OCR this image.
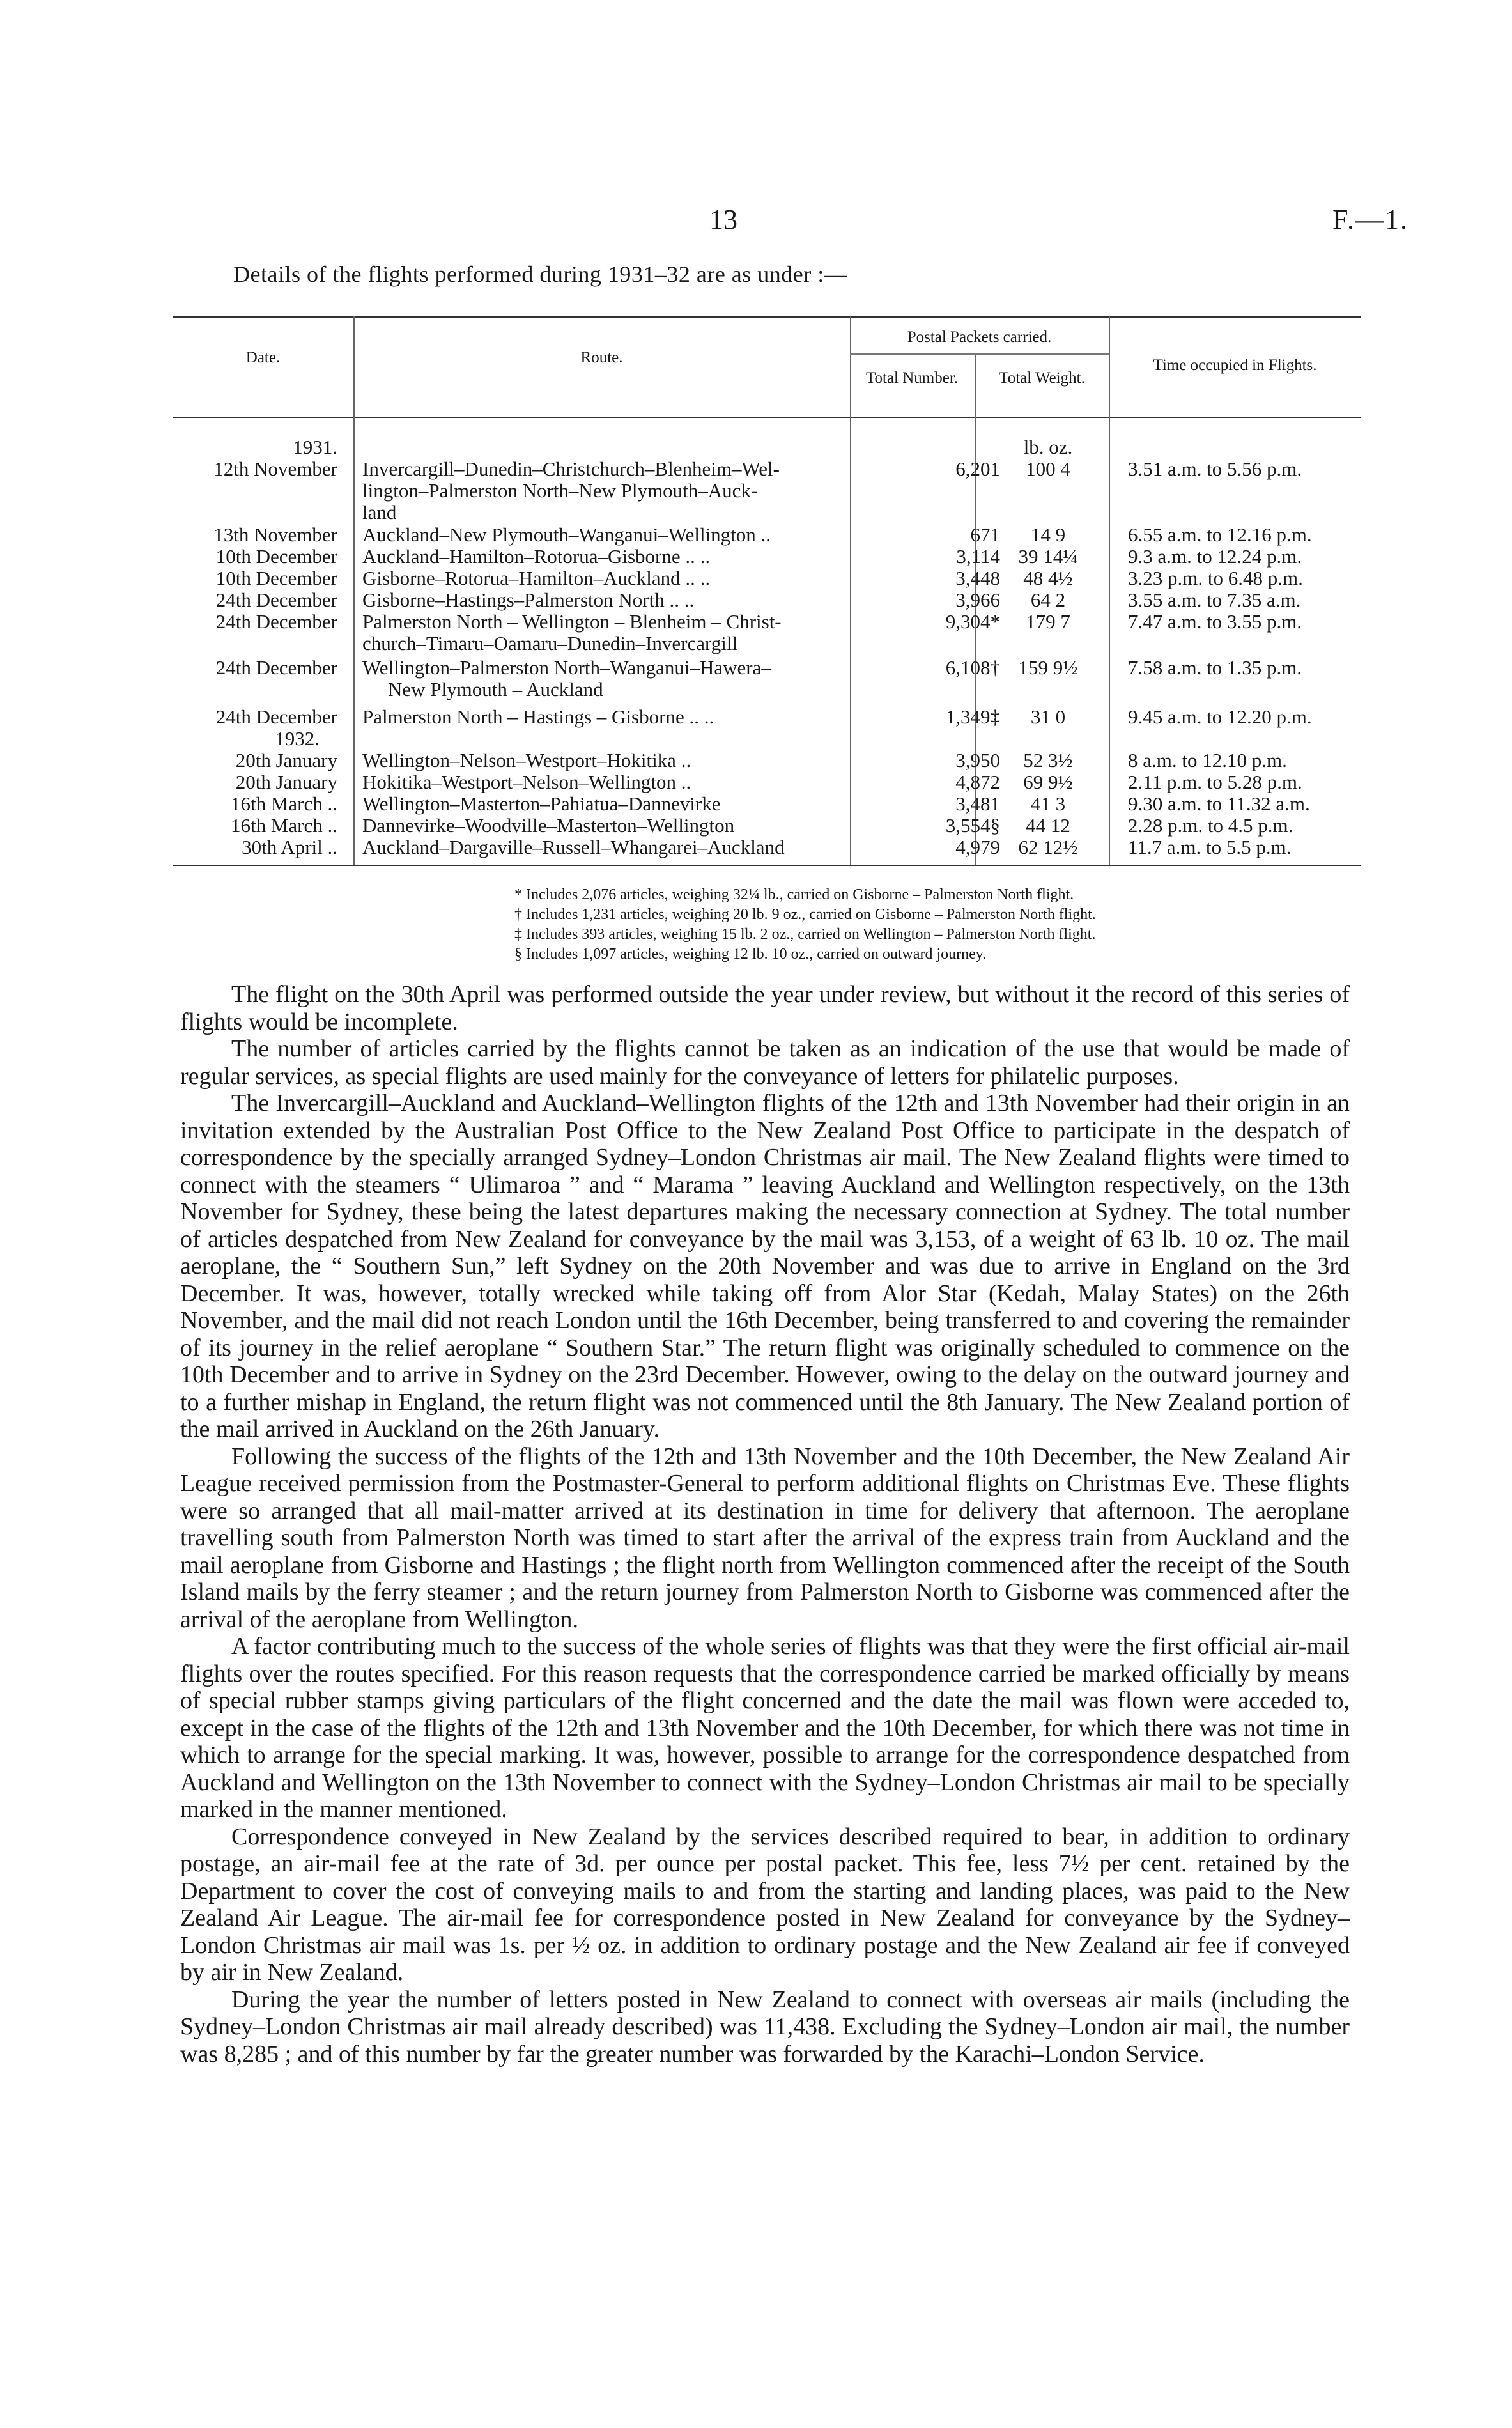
13	F.—1.
Details of the flights performed during 1931–32 are as under :—
Date.	Route.
Postal Packets carried.
Total Number.	Total Weight.
Time occupied in Flights.
1931.	lb. oz.
12th November Invercargill–Dunedin–Christchurch–Blenheim–Wel-
lington–Palmerston North–New Plymouth–Auck-
land
6,201	100 4	3.51 a.m. to 5.56 p.m.
13th November Auckland–New Plymouth–Wanganui–Wellington ..	671	14 9	6.55 a.m. to 12.16 p.m.
10th December Auckland–Hamilton–Rotorua–Gisborne .. ..	3,114 39 14¼	9.3 a.m. to 12.24 p.m.
10th December Gisborne–Rotorua–Hamilton–Auckland .. ..	3,448	48 4½	3.23 p.m. to 6.48 p.m.
24th December Gisborne–Hastings–Palmerston North .. ..	3,966	64 2	3.55 a.m. to 7.35 a.m.
24th December Palmerston North – Wellington – Blenheim – Christ-
church–Timaru–Oamaru–Dunedin–Invercargill
9,304*	179 7	7.47 a.m. to 3.55 p.m.
24th December Wellington–Palmerston North–Wanganui–Hawera–
New Plymouth – Auckland
6,108† 159 9½	7.58 a.m. to 1.35 p.m.
24th December Palmerston North – Hastings – Gisborne .. ..	1,349‡	31 0	9.45 a.m. to 12.20 p.m.
1932.
20th January Wellington–Nelson–Westport–Hokitika ..	3,950	52 3½	8 a.m. to 12.10 p.m.
20th January Hokitika–Westport–Nelson–Wellington ..	4,872	69 9½	2.11 p.m. to 5.28 p.m.
16th March .. Wellington–Masterton–Pahiatua–Dannevirke	3,481	41 3	9.30 a.m. to 11.32 a.m.
16th March .. Dannevirke–Woodville–Masterton–Wellington	3,554§	44 12	2.28 p.m. to 4.5 p.m.
30th April .. Auckland–Dargaville–Russell–Whangarei–Auckland	4,979 62 12½	11.7 a.m. to 5.5 p.m.
* Includes 2,076 articles, weighing 32¼ lb., carried on Gisborne – Palmerston North flight.
† Includes 1,231 articles, weighing 20 lb. 9 oz., carried on Gisborne – Palmerston North flight.
‡ Includes 393 articles, weighing 15 lb. 2 oz., carried on Wellington – Palmerston North flight.
§ Includes 1,097 articles, weighing 12 lb. 10 oz., carried on outward journey.

The flight on the 30th April was performed outside the year under review, but without it the record of this series of flights would be incomplete.

The number of articles carried by the flights cannot be taken as an indication of the use that would be made of regular services, as special flights are used mainly for the conveyance of letters for philatelic purposes.

The Invercargill–Auckland and Auckland–Wellington flights of the 12th and 13th November had their origin in an invitation extended by the Australian Post Office to the New Zealand Post Office to participate in the despatch of correspondence by the specially arranged Sydney–London Christmas air mail. The New Zealand flights were timed to connect with the steamers “ Ulimaroa ” and “ Marama ” leaving Auckland and Wellington respectively, on the 13th November for Sydney, these being the latest departures making the necessary connection at Sydney. The total number of articles despatched from New Zealand for conveyance by the mail was 3,153, of a weight of 63 lb. 10 oz. The mail aeroplane, the “ Southern Sun,” left Sydney on the 20th November and was due to arrive in England on the 3rd December. It was, however, totally wrecked while taking off from Alor Star (Kedah, Malay States) on the 26th November, and the mail did not reach London until the 16th December, being transferred to and covering the remainder of its journey in the relief aeroplane “ Southern Star.” The return flight was originally scheduled to commence on the 10th December and to arrive in Sydney on the 23rd December. However, owing to the delay on the outward journey and to a further mishap in England, the return flight was not commenced until the 8th January. The New Zealand portion of the mail arrived in Auckland on the 26th January.

Following the success of the flights of the 12th and 13th November and the 10th December, the New Zealand Air League received permission from the Postmaster-General to perform additional flights on Christmas Eve. These flights were so arranged that all mail-matter arrived at its destination in time for delivery that afternoon. The aeroplane travelling south from Palmerston North was timed to start after the arrival of the express train from Auckland and the mail aeroplane from Gisborne and Hastings ; the flight north from Wellington commenced after the receipt of the South Island mails by the ferry steamer ; and the return journey from Palmerston North to Gisborne was commenced after the arrival of the aeroplane from Wellington.

A factor contributing much to the success of the whole series of flights was that they were the first official air-mail flights over the routes specified. For this reason requests that the correspondence carried be marked officially by means of special rubber stamps giving particulars of the flight concerned and the date the mail was flown were acceded to, except in the case of the flights of the 12th and 13th November and the 10th December, for which there was not time in which to arrange for the special marking. It was, however, possible to arrange for the correspondence despatched from Auckland and Wellington on the 13th November to connect with the Sydney–London Christmas air mail to be specially marked in the manner mentioned.

Correspondence conveyed in New Zealand by the services described required to bear, in addition to ordinary postage, an air-mail fee at the rate of 3d. per ounce per postal packet. This fee, less 7½ per cent. retained by the Department to cover the cost of conveying mails to and from the starting and landing places, was paid to the New Zealand Air League. The air-mail fee for correspondence posted in New Zealand for conveyance by the Sydney–London Christmas air mail was 1s. per ½ oz. in addition to ordinary postage and the New Zealand air fee if conveyed by air in New Zealand.

During the year the number of letters posted in New Zealand to connect with overseas air mails (including the Sydney–London Christmas air mail already described) was 11,438. Excluding the Sydney–London air mail, the number was 8,285 ; and of this number by far the greater number was forwarded by the Karachi–London Service.
